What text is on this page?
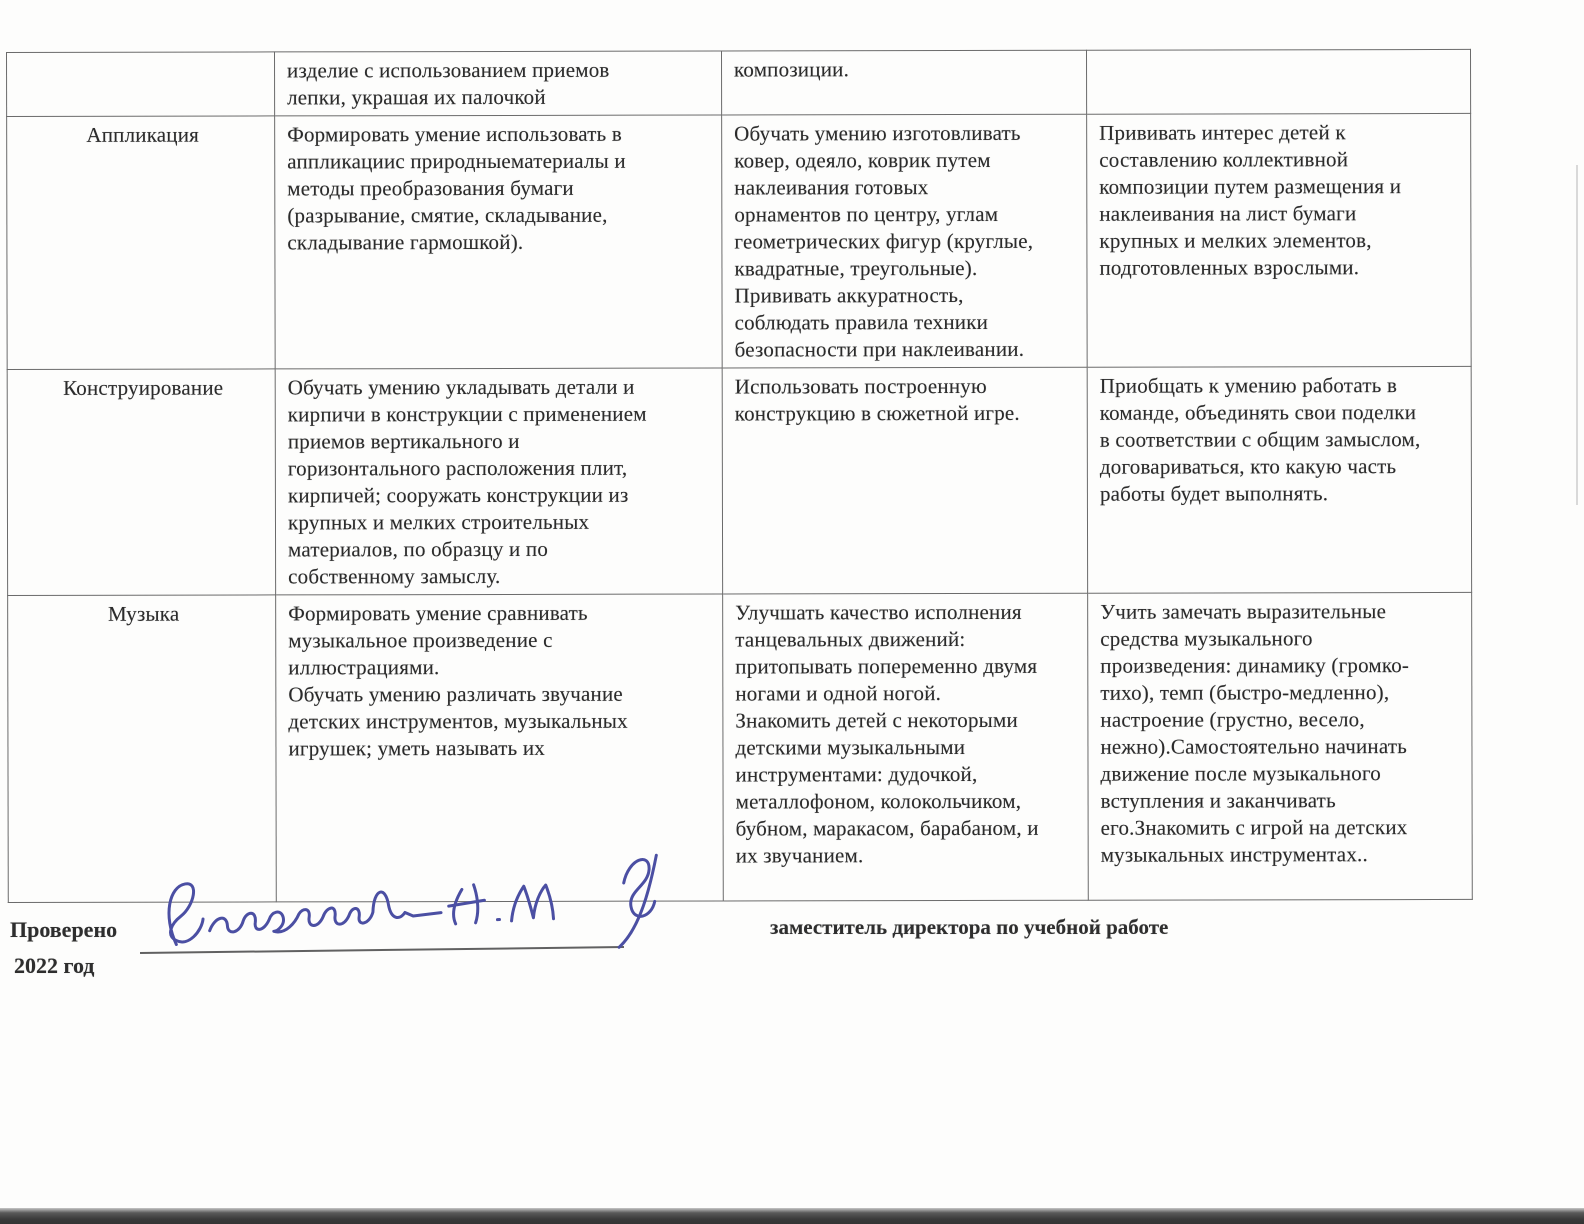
	изделие с использованием приемов
лепки, украшая их палочкой	композиции.	
Аппликация	Формировать умение использовать в
аппликациис природныематериалы и
методы преобразования бумаги
(разрывание, смятие, складывание,
складывание гармошкой).	Обучать умению изготовливать
ковер, одеяло, коврик путем
наклеивания готовых
орнаментов по центру, углам
геометрических фигур (круглые,
квадратные, треугольные).
Прививать аккуратность,
соблюдать правила техники
безопасности при наклеивании.	Прививать интерес детей к
составлению коллективной
композиции путем размещения и
наклеивания на лист бумаги
крупных и мелких элементов,
подготовленных взрослыми.
Конструирование	Обучать умению укладывать детали и
кирпичи в конструкции с применением
приемов вертикального и
горизонтального расположения плит,
кирпичей; сооружать конструкции из
крупных и мелких строительных
материалов, по образцу и по
собственному замыслу.	Использовать построенную
конструкцию в сюжетной игре.	Приобщать к умению работать в
команде, объединять свои поделки
в соответствии с общим замыслом,
договариваться, кто какую часть
работы будет выполнять.
Музыка	Формировать умение сравнивать
музыкальное произведение с
иллюстрациями.
Обучать умению различать звучание
детских инструментов, музыкальных
игрушек; уметь называть их	Улучшать качество исполнения
танцевальных движений:
притопывать попеременно двумя
ногами и одной ногой.
Знакомить детей с некоторыми
детскими музыкальными
инструментами: дудочкой,
металлофоном, колокольчиком,
бубном, маракасом, барабаном, и
их звучанием.	Учить замечать выразительные
средства музыкального
произведения: динамику (громко-
тихо), темп (быстро-медленно),
настроение (грустно, весело,
нежно).Самостоятельно начинать
движение после музыкального
вступления и заканчивать
его.Знакомить с игрой на детских
музыкальных инструментах..
Проверено	заместитель директора по учебной работе
2022 год
